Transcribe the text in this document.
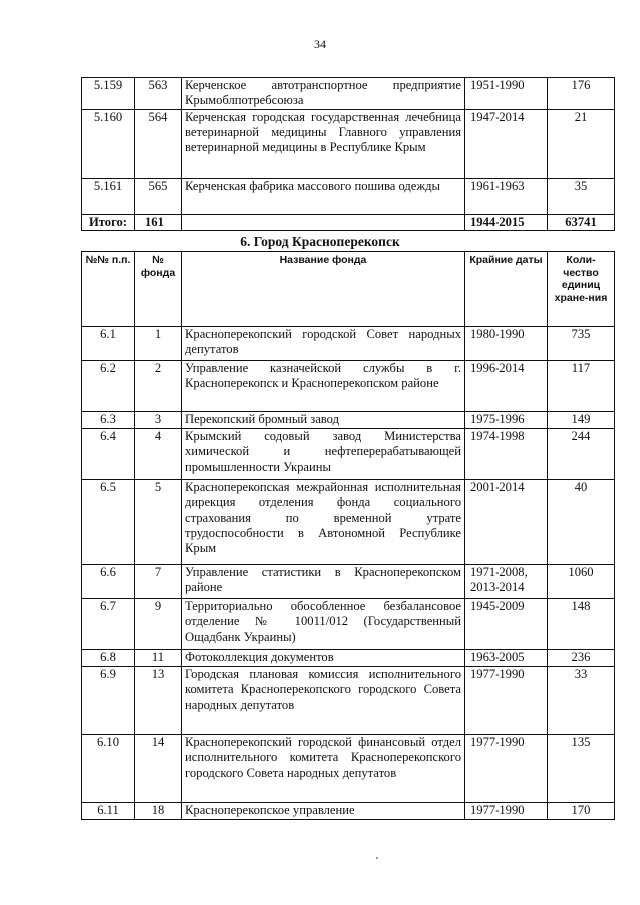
34
5.159	563	Керченское автотранспортное предприятие Крымоблпотребсоюза	1951-1990	176
5.160	564	Керченская городская государственная лечебница ветеринарной медицины Главного управления ветеринарной медицины в Республике Крым	1947-2014	21
5.161	565	Керченская фабрика массового пошива одежды	1961-1963	35
Итого:	161		1944-2015	63741
6. Город Красноперекопск
№№ п.п.	№ фонда	Название фонда	Крайние даты	Коли-чество единиц хране-ния
6.1	1	Красноперекопский городской Совет народных депутатов	1980-1990	735
6.2	2	Управление казначейской службы в г. Красноперекопск и Красноперекопском районе	1996-2014	117
6.3	3	Перекопский бромный завод	1975-1996	149
6.4	4	Крымский содовый завод Министерства химической и нефтеперерабатывающей промышленности Украины	1974-1998	244
6.5	5	Красноперекопская межрайонная исполнительная дирекция отделения фонда социального страхования по временной утрате трудоспособности в Автономной Республике Крым	2001-2014	40
6.6	7	Управление статистики в Красноперекопском районе	1971-2008, 2013-2014	1060
6.7	9	Территориально обособленное безбалансовое отделение № 10011/012 (Государственный Ощадбанк Украины)	1945-2009	148
6.8	11	Фотоколлекция документов	1963-2005	236
6.9	13	Городская плановая комиссия исполнительного комитета Красноперекопского городского Совета народных депутатов	1977-1990	33
6.10	14	Красноперекопский городской финансовый отдел исполнительного комитета Красноперекопского городского Совета народных депутатов	1977-1990	135
6.11	18	Красноперекопское управление	1977-1990	170
